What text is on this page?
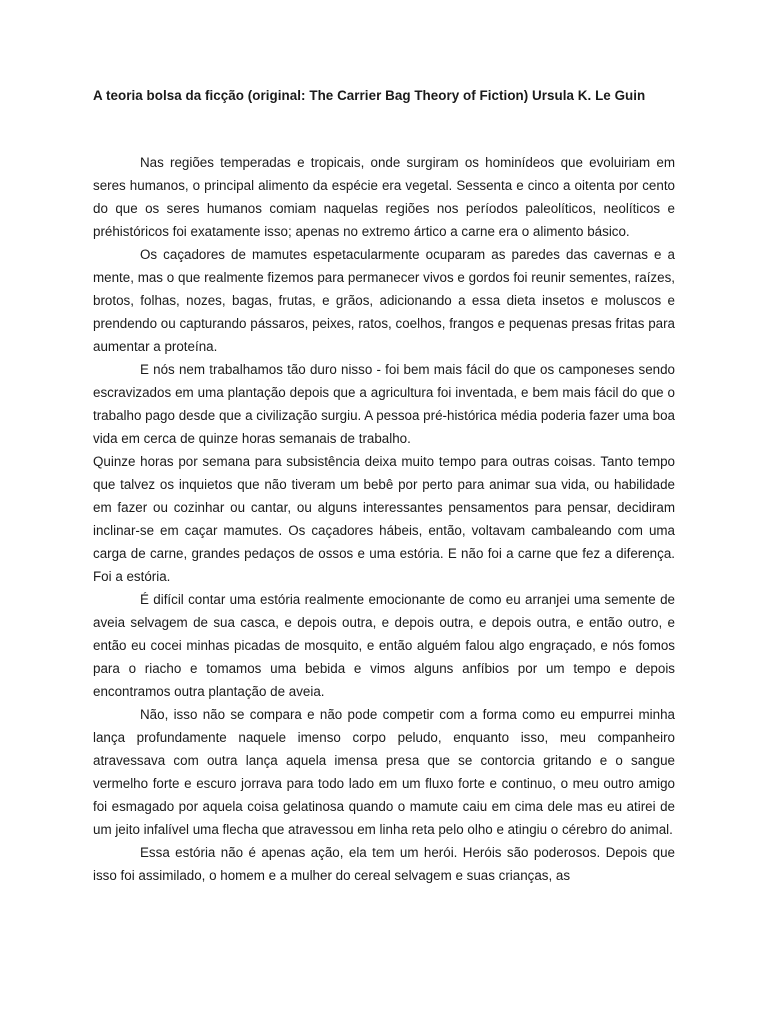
A teoria bolsa da ficção (original: The Carrier Bag Theory of Fiction) Ursula K. Le Guin

Nas regiões temperadas e tropicais, onde surgiram os hominídeos que evoluiriam em seres humanos, o principal alimento da espécie era vegetal. Sessenta e cinco a oitenta por cento do que os seres humanos comiam naquelas regiões nos períodos paleolíticos, neolíticos e préhistóricos foi exatamente isso; apenas no extremo ártico a carne era o alimento básico.

Os caçadores de mamutes espetacularmente ocuparam as paredes das cavernas e a mente, mas o que realmente fizemos para permanecer vivos e gordos foi reunir sementes, raízes, brotos, folhas, nozes, bagas, frutas, e grãos, adicionando a essa dieta insetos e moluscos e prendendo ou capturando pássaros, peixes, ratos, coelhos, frangos e pequenas presas fritas para aumentar a proteína.

E nós nem trabalhamos tão duro nisso - foi bem mais fácil do que os camponeses sendo escravizados em uma plantação depois que a agricultura foi inventada, e bem mais fácil do que o trabalho pago desde que a civilização surgiu. A pessoa pré-histórica média poderia fazer uma boa vida em cerca de quinze horas semanais de trabalho.

Quinze horas por semana para subsistência deixa muito tempo para outras coisas. Tanto tempo que talvez os inquietos que não tiveram um bebê por perto para animar sua vida, ou habilidade em fazer ou cozinhar ou cantar, ou alguns interessantes pensamentos para pensar, decidiram inclinar-se em caçar mamutes. Os caçadores hábeis, então, voltavam cambaleando com uma carga de carne, grandes pedaços de ossos e uma estória. E não foi a carne que fez a diferença. Foi a estória.

É difícil contar uma estória realmente emocionante de como eu arranjei uma semente de aveia selvagem de sua casca, e depois outra, e depois outra, e depois outra, e então outro, e então eu cocei minhas picadas de mosquito, e então alguém falou algo engraçado, e nós fomos para o riacho e tomamos uma bebida e vimos alguns anfíbios por um tempo e depois encontramos outra plantação de aveia.

Não, isso não se compara e não pode competir com a forma como eu empurrei minha lança profundamente naquele imenso corpo peludo, enquanto isso, meu companheiro atravessava com outra lança aquela imensa presa que se contorcia gritando e o sangue vermelho forte e escuro jorrava para todo lado em um fluxo forte e continuo, o meu outro amigo foi esmagado por aquela coisa gelatinosa quando o mamute caiu em cima dele mas eu atirei de um jeito infalível uma flecha que atravessou em linha reta pelo olho e atingiu o cérebro do animal.

Essa estória não é apenas ação, ela tem um herói. Heróis são poderosos. Depois que isso foi assimilado, o homem e a mulher do cereal selvagem e suas crianças, as
